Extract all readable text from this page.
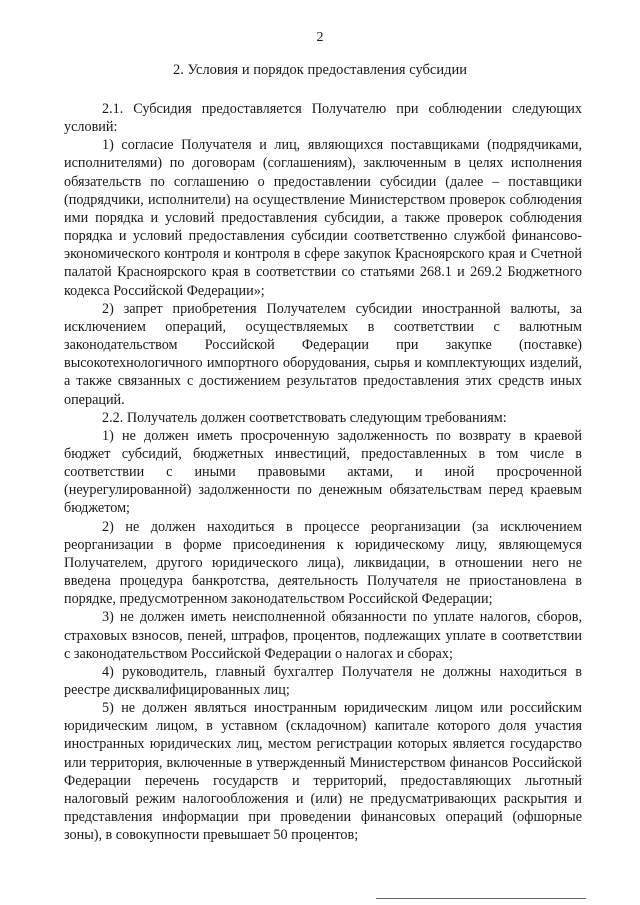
2
2. Условия и порядок предоставления субсидии

2.1. Субсидия предоставляется Получателю при соблюдении следующих условий:

1) согласие Получателя и лиц, являющихся поставщиками (подрядчиками, исполнителями) по договорам (соглашениям), заключенным в целях исполнения обязательств по соглашению о предоставлении субсидии (далее – поставщики (подрядчики, исполнители) на осуществление Министерством проверок соблюдения ими порядка и условий предоставления субсидии, а также проверок соблюдения порядка и условий предоставления субсидии соответственно службой финансово-экономического контроля и контроля в сфере закупок Красноярского края и Счетной палатой Красноярского края в соответствии со статьями 268.1 и 269.2 Бюджетного кодекса Российской Федерации»;

2) запрет приобретения Получателем субсидии иностранной валюты, за исключением операций, осуществляемых в соответствии с валютным законодательством Российской Федерации при закупке (поставке) высокотехнологичного импортного оборудования, сырья и комплектующих изделий, а также связанных с достижением результатов предоставления этих средств иных операций.

2.2. Получатель должен соответствовать следующим требованиям:

1) не должен иметь просроченную задолженность по возврату в краевой бюджет субсидий, бюджетных инвестиций, предоставленных в том числе в соответствии с иными правовыми актами, и иной просроченной (неурегулированной) задолженности по денежным обязательствам перед краевым бюджетом;

2) не должен находиться в процессе реорганизации (за исключением реорганизации в форме присоединения к юридическому лицу, являющемуся Получателем, другого юридического лица), ликвидации, в отношении него не введена процедура банкротства, деятельность Получателя не приостановлена в порядке, предусмотренном законодательством Российской Федерации;

3) не должен иметь неисполненной обязанности по уплате налогов, сборов, страховых взносов, пеней, штрафов, процентов, подлежащих уплате в соответствии с законодательством Российской Федерации о налогах и сборах;

4) руководитель, главный бухгалтер Получателя не должны находиться в реестре дисквалифицированных лиц;

5) не должен являться иностранным юридическим лицом или российским юридическим лицом, в уставном (складочном) капитале которого доля участия иностранных юридических лиц, местом регистрации которых является государство или территория, включенные в утвержденный Министерством финансов Российской Федерации перечень государств и территорий, предоставляющих льготный налоговый режим налогообложения и (или) не предусматривающих раскрытия и представления информации при проведении финансовых операций (офшорные зоны), в совокупности превышает 50 процентов;
